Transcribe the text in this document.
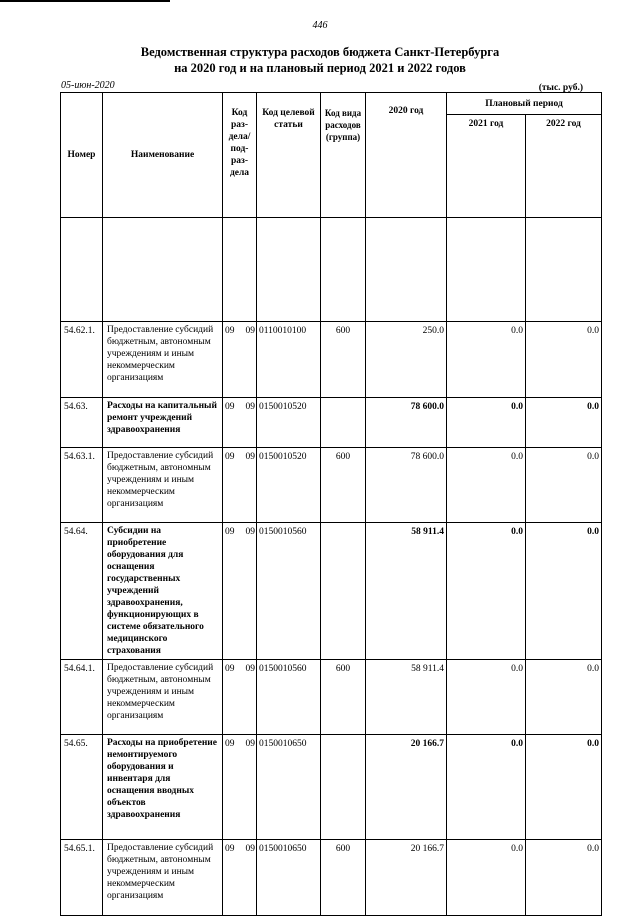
446
Ведомственная структура расходов бюджета Санкт-Петербурга
на 2020 год и на плановый период 2021 и 2022 годов
05-июн-2020	(тыс. руб.)
Номер	Наименование	Код раз- дела/ под- раз- дела	Код целевой статьи	Код вида расходов (группа)	2020 год	Плановый период	
						2021 год	2022 год

54.62.1.	Предоставление субсидий бюджетным, автономным учреждениям и иным некоммерческим организациям	09 09	0110010100	600	250.0	0.0	0.0
54.63.	Расходы на капитальный ремонт учреждений здравоохранения	09 09	0150010520		78 600.0	0.0	0.0
54.63.1.	Предоставление субсидий бюджетным, автономным учреждениям и иным некоммерческим организациям	09 09	0150010520	600	78 600.0	0.0	0.0
54.64.	Субсидии на приобретение оборудования для оснащения государственных учреждений здравоохранения, функционирующих в системе обязательного медицинского страхования	09 09	0150010560		58 911.4	0.0	0.0
54.64.1.	Предоставление субсидий бюджетным, автономным учреждениям и иным некоммерческим организациям	09 09	0150010560	600	58 911.4	0.0	0.0
54.65.	Расходы на приобретение немонтируемого оборудования и инвентаря для оснащения вводных объектов здравоохранения	09 09	0150010650		20 166.7	0.0	0.0
54.65.1.	Предоставление субсидий бюджетным, автономным учреждениям и иным некоммерческим организациям	09 09	0150010650	600	20 166.7	0.0	0.0
